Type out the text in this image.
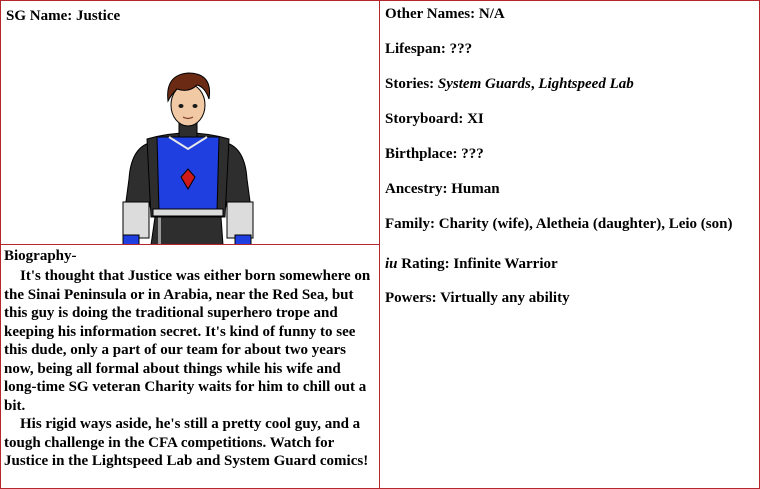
SG Name: Justice
Biography-

It's thought that Justice was either born somewhere on the Sinai Peninsula or in Arabia, near the Red Sea, but this guy is doing the traditional superhero trope and keeping his information secret. It's kind of funny to see this dude, only a part of our team for about two years now, being all formal about things while his wife and long-time SG veteran Charity waits for him to chill out a bit.

His rigid ways aside, he's still a pretty cool guy, and a tough challenge in the CFA competitions. Watch for Justice in the Lightspeed Lab and System Guard comics!

Other Names: N/A
Lifespan: ???
Stories: System Guards, Lightspeed Lab
Storyboard: XI
Birthplace: ???
Ancestry: Human
Family: Charity (wife), Aletheia (daughter), Leio (son)
iu Rating: Infinite Warrior
Powers: Virtually any ability
